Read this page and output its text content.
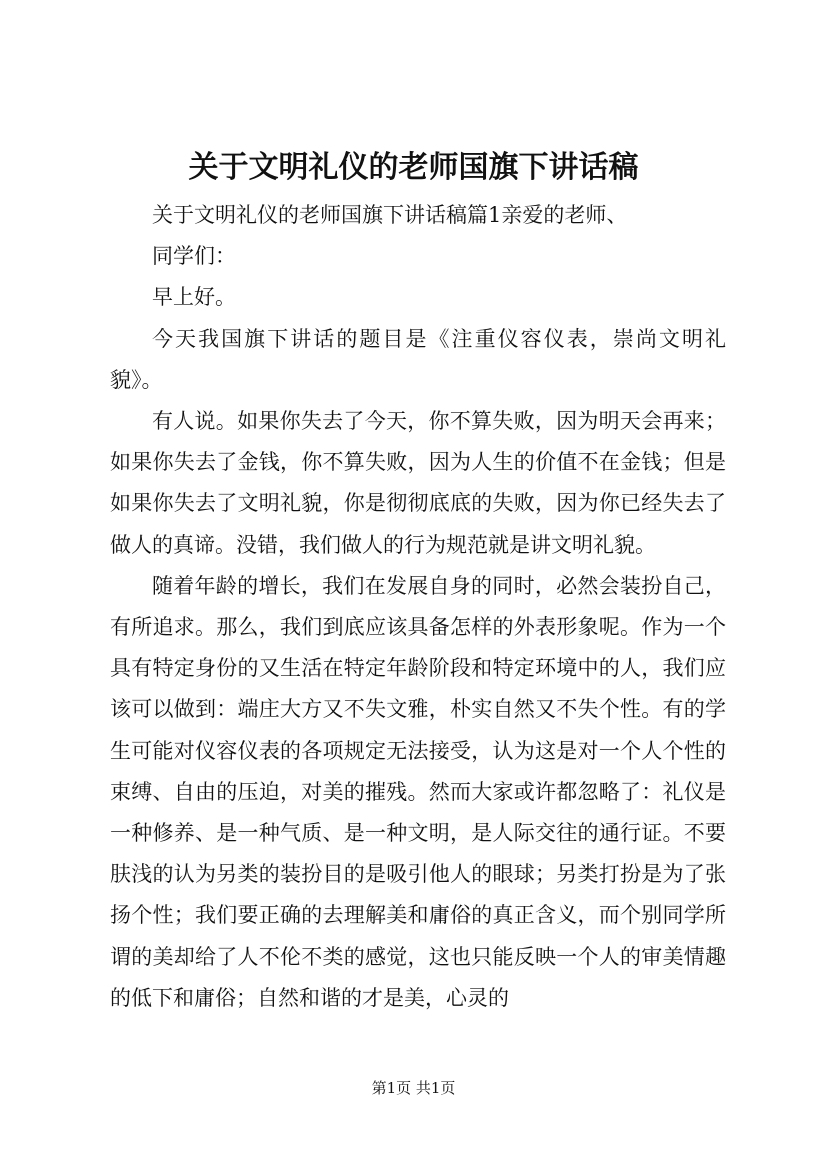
关于文明礼仪的老师国旗下讲话稿

关于文明礼仪的老师国旗下讲话稿篇1亲爱的老师、

同学们：

早上好。

今天我国旗下讲话的题目是《注重仪容仪表，崇尚文明礼貌》。

有人说。如果你失去了今天，你不算失败，因为明天会再来；如果你失去了金钱，你不算失败，因为人生的价值不在金钱；但是如果你失去了文明礼貌，你是彻彻底底的失败，因为你已经失去了做人的真谛。没错，我们做人的行为规范就是讲文明礼貌。

随着年龄的增长，我们在发展自身的同时，必然会装扮自己，有所追求。那么，我们到底应该具备怎样的外表形象呢。作为一个具有特定身份的又生活在特定年龄阶段和特定环境中的人，我们应该可以做到：端庄大方又不失文雅，朴实自然又不失个性。有的学生可能对仪容仪表的各项规定无法接受，认为这是对一个人个性的束缚、自由的压迫，对美的摧残。然而大家或许都忽略了：礼仪是一种修养、是一种气质、是一种文明，是人际交往的通行证。不要肤浅的认为另类的装扮目的是吸引他人的眼球；另类打扮是为了张扬个性；我们要正确的去理解美和庸俗的真正含义，而个别同学所谓的美却给了人不伦不类的感觉，这也只能反映一个人的审美情趣的低下和庸俗；自然和谐的才是美，心灵的

第1页 共1页
